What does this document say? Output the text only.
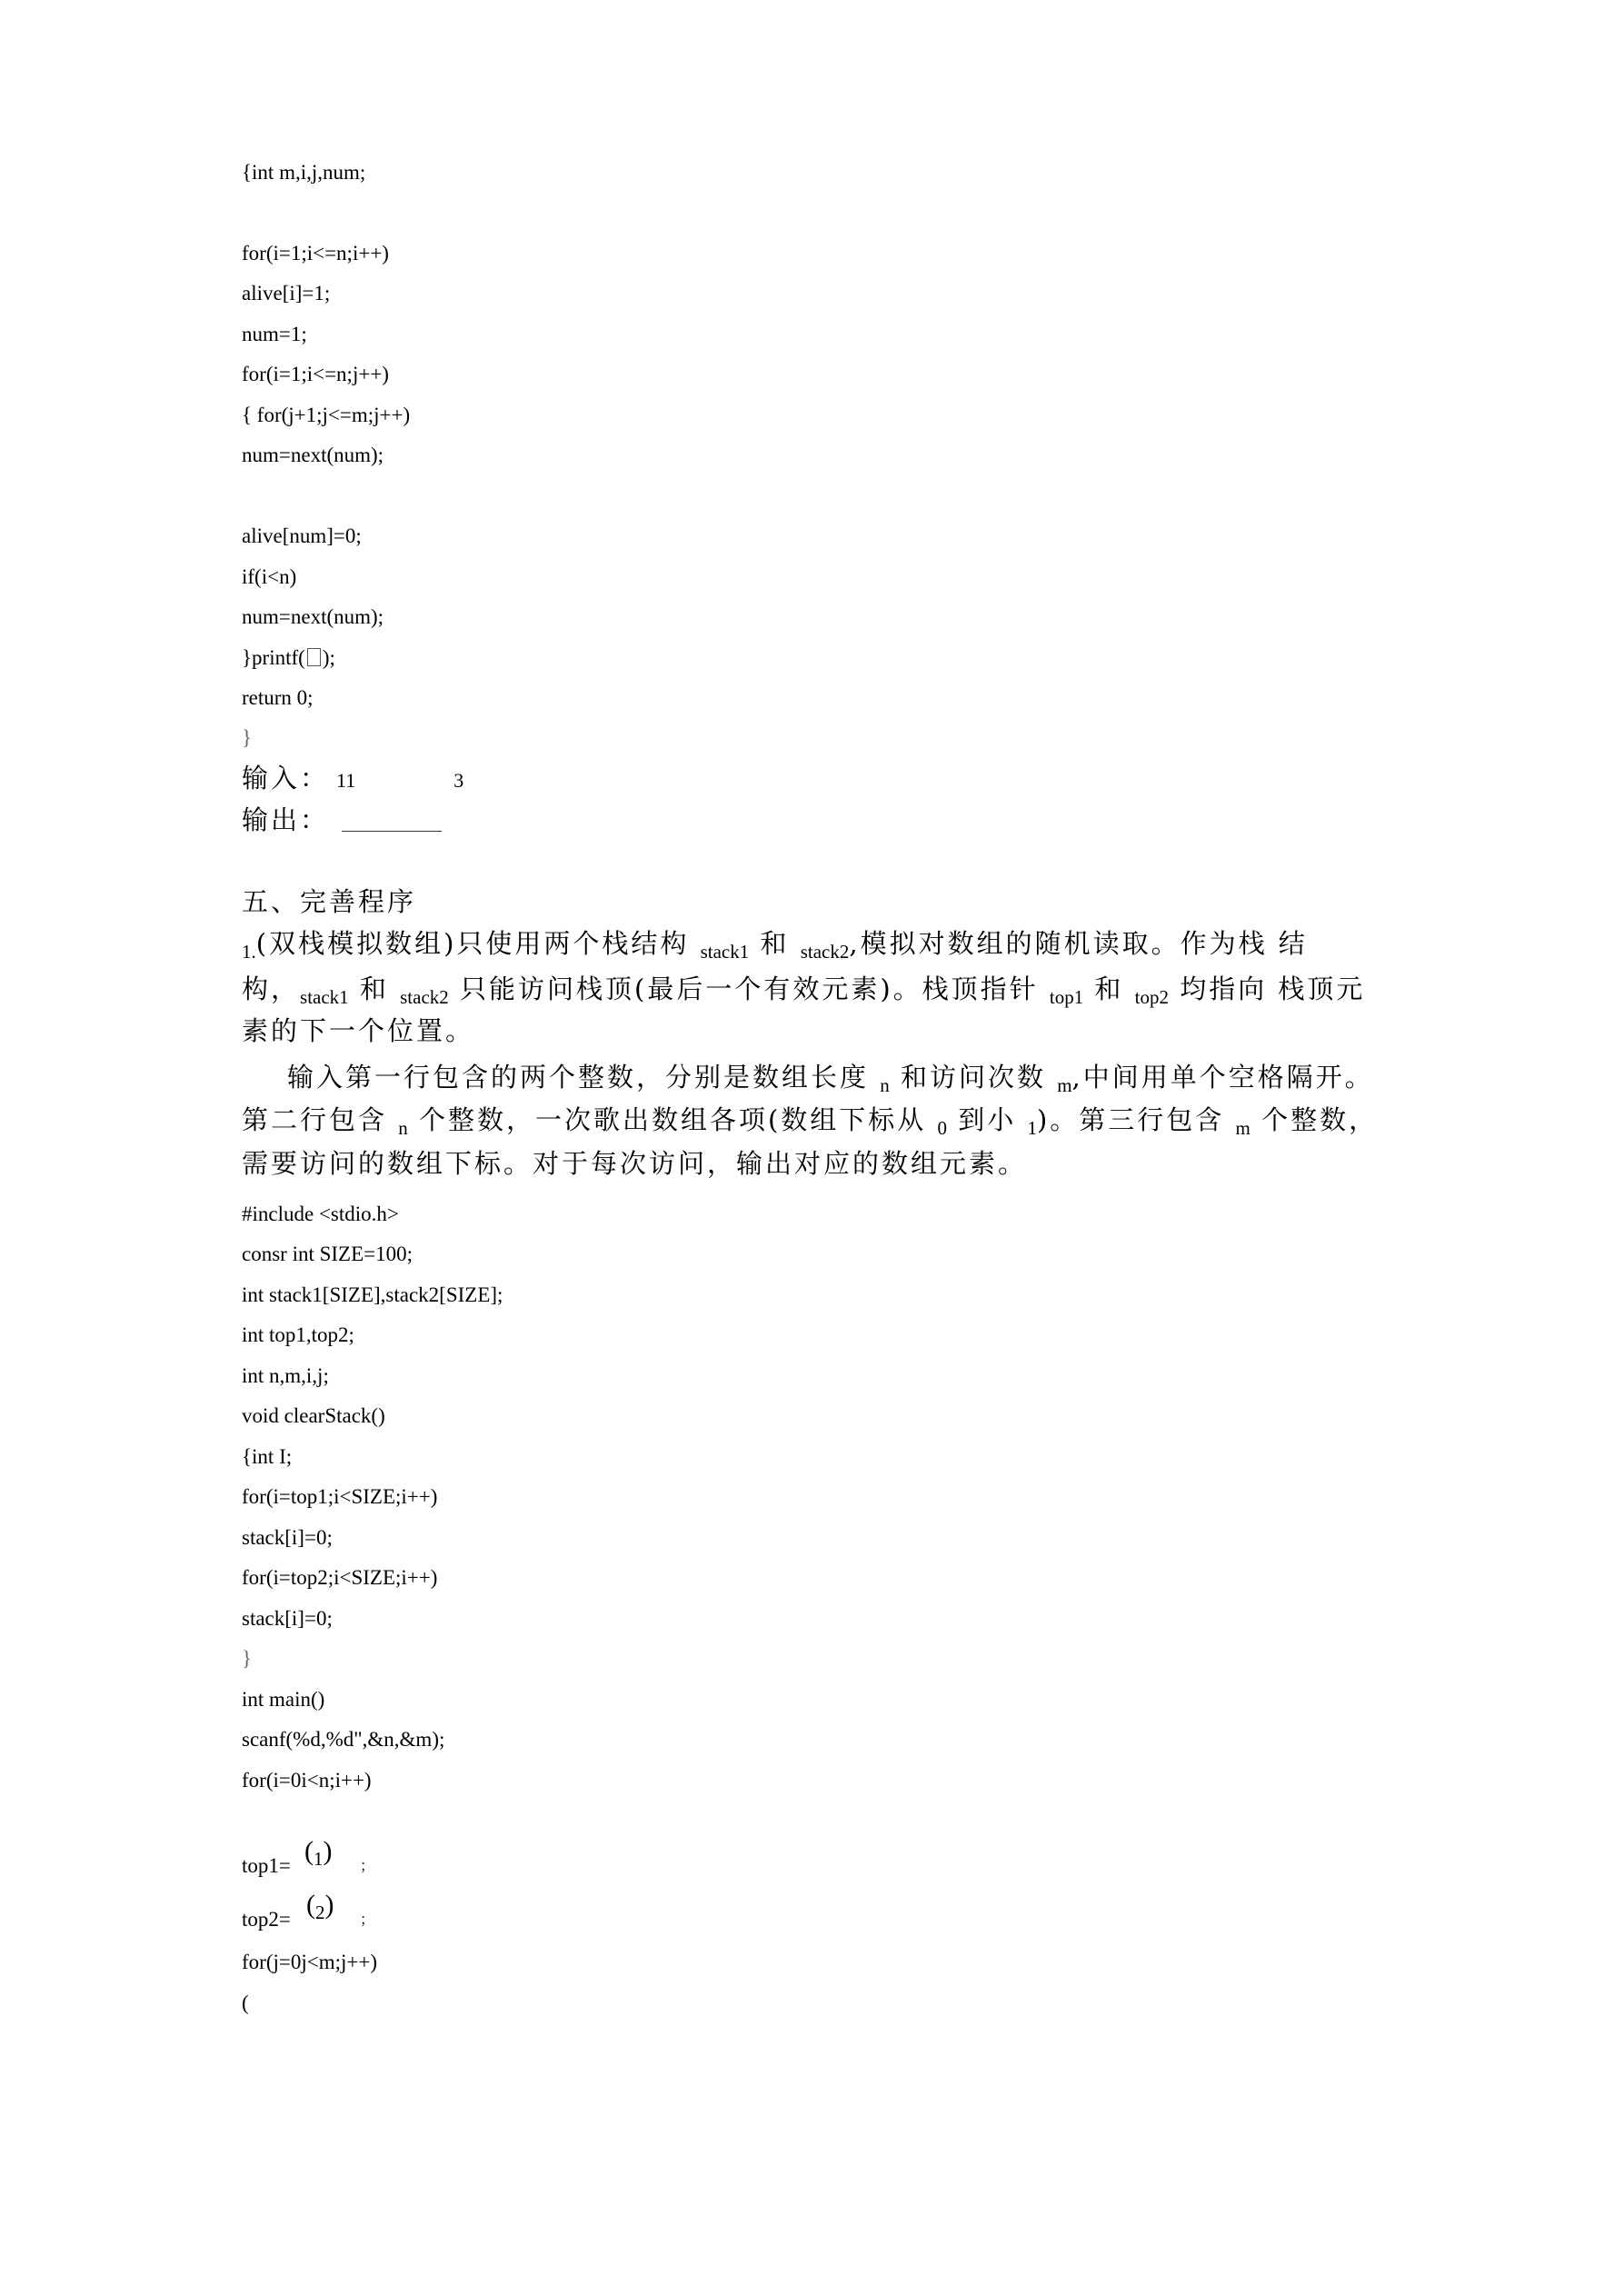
{int m,i,j,num;
for(i=1;i<=n;i++)
alive[i]=1;
num=1;
for(i=1;i<=n;j++)
{ for(j+1;j<=m;j++)
num=next(num);
alive[num]=0;
if(i<n)
num=next(num);
}printf( );
return 0;
}
输入： 11	3
输出：
五、完善程序
$_{1.}$(双栈模拟数组)只使用两个栈结构 $_{stack1}$ 和 $_{stack2}$,模拟对数组的随机读取。作为栈 结
构，$_{stack1}$ 和 $_{stack2}$ 只能访问栈顶(最后一个有效元素)。栈顶指针 $_{top1}$ 和 $_{top2}$ 均指向 栈顶元
素的下一个位置。
输入第一行包含的两个整数，分别是数组长度 $_n$ 和访问次数 $_m$,中间用单个空格隔开。
第二行包含 $_n$ 个整数，一次歌出数组各项(数组下标从 $_0$ 到小 $_1$)。第三行包含 $_m$ 个整数，
需要访问的数组下标。对于每次访问，输出对应的数组元素。
#include <stdio.h>
consr int SIZE=100;
int stack1[SIZE],stack2[SIZE];
int top1,top2;
int n,m,i,j;
void clearStack()
{int I;
for(i=top1;i<SIZE;i++)
stack[i]=0;
for(i=top2;i<SIZE;i++)
stack[i]=0;
}
int main()
scanf(%d,%d",&n,&m);
for(i=0i<n;i++)
$top1= (_1)$
；
$top2= (_2)$
；
for(j=0j<m;j++)
(
